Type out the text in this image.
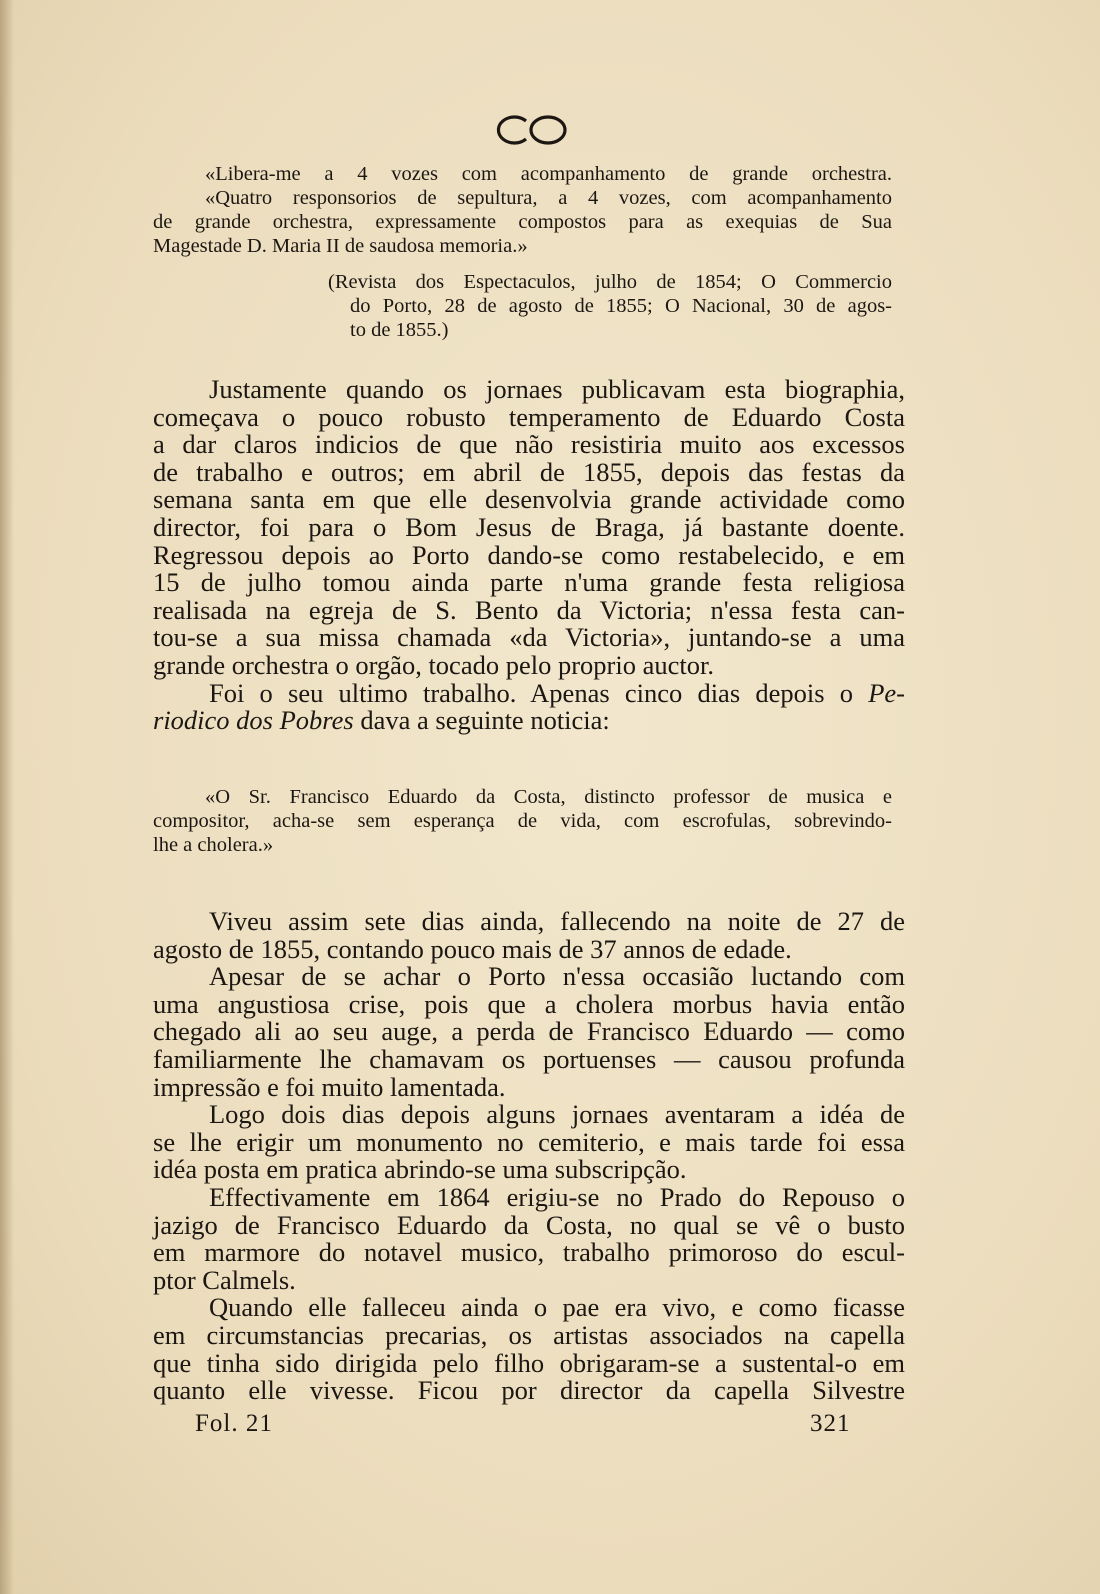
«Libera-me a 4 vozes com acompanhamento de grande orchestra.
«Quatro responsorios de sepultura, a 4 vozes, com acompanhamento
de grande orchestra, expressamente compostos para as exequias de Sua
Magestade D. Maria II de saudosa memoria.»
(Revista dos Espectaculos, julho de 1854; O Commercio
do Porto, 28 de agosto de 1855; O Nacional, 30 de agos-
to de 1855.)
Justamente quando os jornaes publicavam esta biographia,
começava o pouco robusto temperamento de Eduardo Costa
a dar claros indicios de que não resistiria muito aos excessos
de trabalho e outros; em abril de 1855, depois das festas da
semana santa em que elle desenvolvia grande actividade como
director, foi para o Bom Jesus de Braga, já bastante doente.
Regressou depois ao Porto dando-se como restabelecido, e em
15 de julho tomou ainda parte n'uma grande festa religiosa
realisada na egreja de S. Bento da Victoria; n'essa festa can-
tou-se a sua missa chamada «da Victoria», juntando-se a uma
grande orchestra o orgão, tocado pelo proprio auctor.
Foi o seu ultimo trabalho. Apenas cinco dias depois o Pe-
riodico dos Pobres dava a seguinte noticia:
«O Sr. Francisco Eduardo da Costa, distincto professor de musica e
compositor, acha-se sem esperança de vida, com escrofulas, sobrevindo-
lhe a cholera.»
Viveu assim sete dias ainda, fallecendo na noite de 27 de
agosto de 1855, contando pouco mais de 37 annos de edade.
Apesar de se achar o Porto n'essa occasião luctando com
uma angustiosa crise, pois que a cholera morbus havia então
chegado ali ao seu auge, a perda de Francisco Eduardo — como
familiarmente lhe chamavam os portuenses — causou profunda
impressão e foi muito lamentada.
Logo dois dias depois alguns jornaes aventaram a idéa de
se lhe erigir um monumento no cemiterio, e mais tarde foi essa
idéa posta em pratica abrindo-se uma subscripção.
Effectivamente em 1864 erigiu-se no Prado do Repouso o
jazigo de Francisco Eduardo da Costa, no qual se vê o busto
em marmore do notavel musico, trabalho primoroso do escul-
ptor Calmels.
Quando elle falleceu ainda o pae era vivo, e como ficasse
em circumstancias precarias, os artistas associados na capella
que tinha sido dirigida pelo filho obrigaram-se a sustental-o em
quanto elle vivesse. Ficou por director da capella Silvestre
Fol. 21	321
